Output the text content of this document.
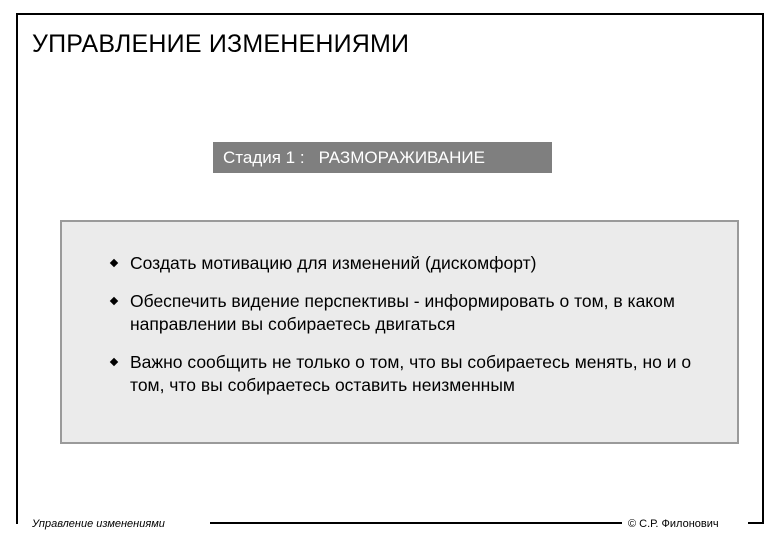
УПРАВЛЕНИЕ ИЗМЕНЕНИЯМИ
Стадия 1 : РАЗМОРАЖИВАНИЕ
Создать мотивацию для изменений (дискомфорт)
Обеспечить видение перспективы - информировать о том, в каком направлении вы собираетесь двигаться
Важно сообщить не только о том, что вы собираетесь менять, но и о том, что вы собираетесь оставить неизменным
Управление изменениями	© С.Р. Филонович
